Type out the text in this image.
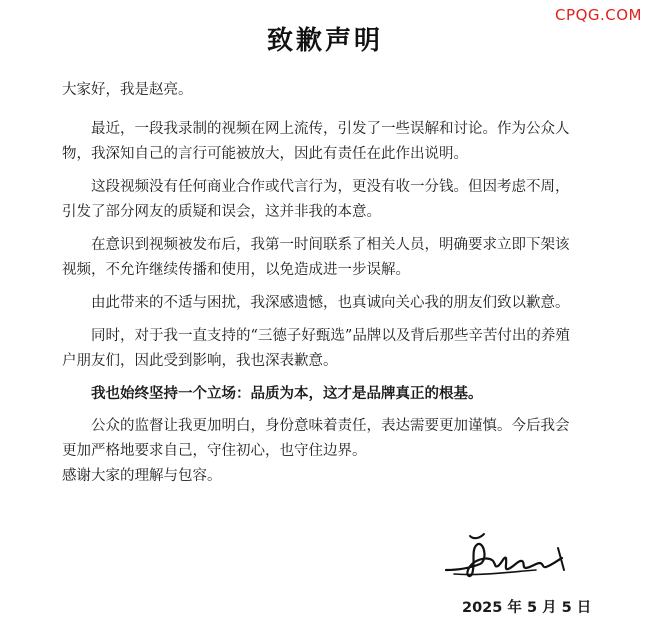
CPQG.COM
致歉声明

大家好，我是赵亮。

最近，一段我录制的视频在网上流传，引发了一些误解和讨论。作为公众人物，我深知自己的言行可能被放大，因此有责任在此作出说明。

这段视频没有任何商业合作或代言行为，更没有收一分钱。但因考虑不周，引发了部分网友的质疑和误会，这并非我的本意。

在意识到视频被发布后，我第一时间联系了相关人员，明确要求立即下架该视频，不允许继续传播和使用，以免造成进一步误解。

由此带来的不适与困扰，我深感遗憾，也真诚向关心我的朋友们致以歉意。

同时，对于我一直支持的“三德子好甄选”品牌以及背后那些辛苦付出的养殖户朋友们，因此受到影响，我也深表歉意。

我也始终坚持一个立场：品质为本，这才是品牌真正的根基。

公众的监督让我更加明白，身份意味着责任，表达需要更加谨慎。今后我会更加严格地要求自己，守住初心，也守住边界。

感谢大家的理解与包容。

2025 年 5 月 5 日
